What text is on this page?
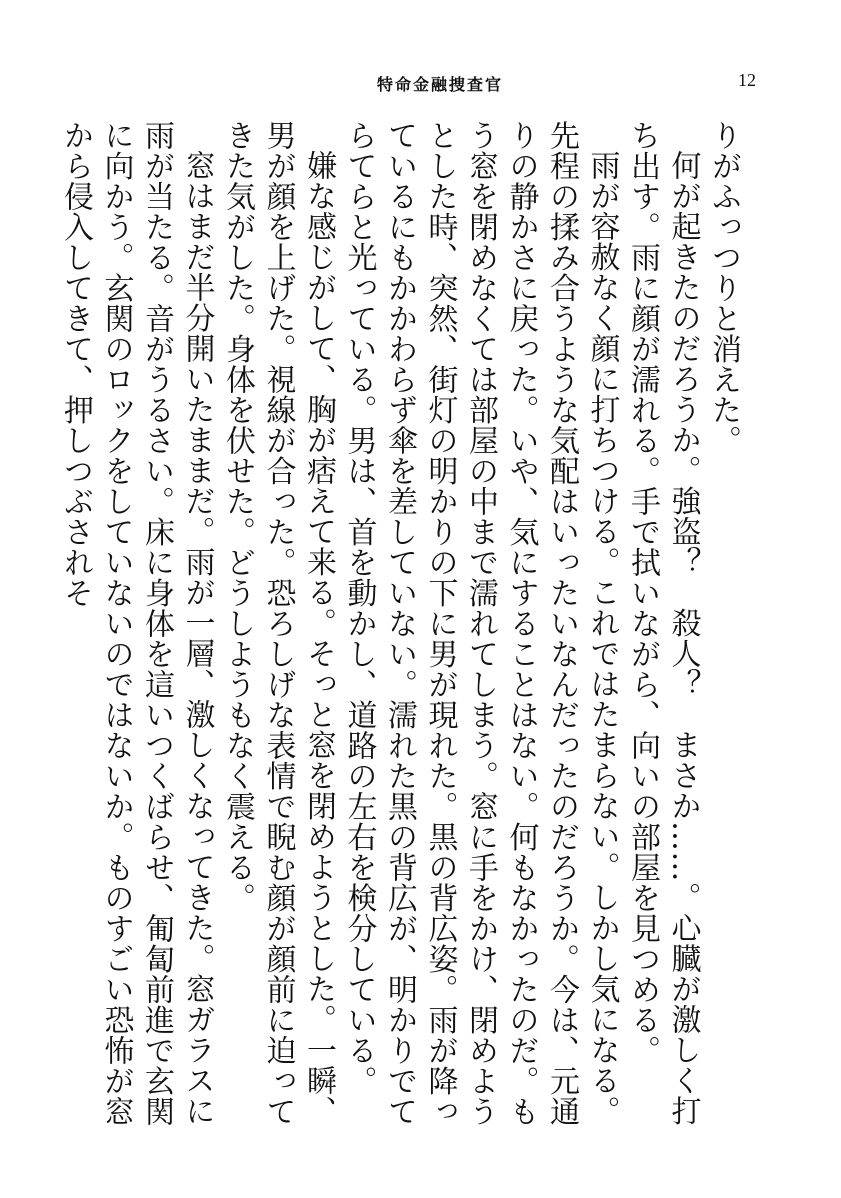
特命金融捜査官	12

りがふっつりと消えた。

何が起きたのだろうか。強盗？　殺人？　まさか……。心臓が激しく打ち出す。雨に顔が濡れる。手で拭いながら、向いの部屋を見つめる。

雨が容赦なく顔に打ちつける。これではたまらない。しかし気になる。先程の揉み合うような気配はいったいなんだったのだろうか。今は、元通りの静かさに戻った。いや、気にすることはない。何もなかったのだ。もう窓を閉めなくては部屋の中まで濡れてしまう。窓に手をかけ、閉めようとした時、突然、街灯の明かりの下に男が現れた。黒の背広姿。雨が降っているにもかかわらず傘を差していない。濡れた黒の背広が、明かりでてらてらと光っている。男は、首を動かし、道路の左右を検分している。

嫌な感じがして、胸が痞えて来る。そっと窓を閉めようとした。一瞬、男が顔を上げた。視線が合った。恐ろしげな表情で睨む顔が顔前に迫ってきた気がした。身体を伏せた。どうしようもなく震える。

窓はまだ半分開いたままだ。雨が一層、激しくなってきた。窓ガラスに雨が当たる。音がうるさい。床に身体を這いつくばらせ、匍匐前進で玄関に向かう。玄関のロックをしていないのではないか。ものすごい恐怖が窓から侵入してきて、押しつぶされそ
